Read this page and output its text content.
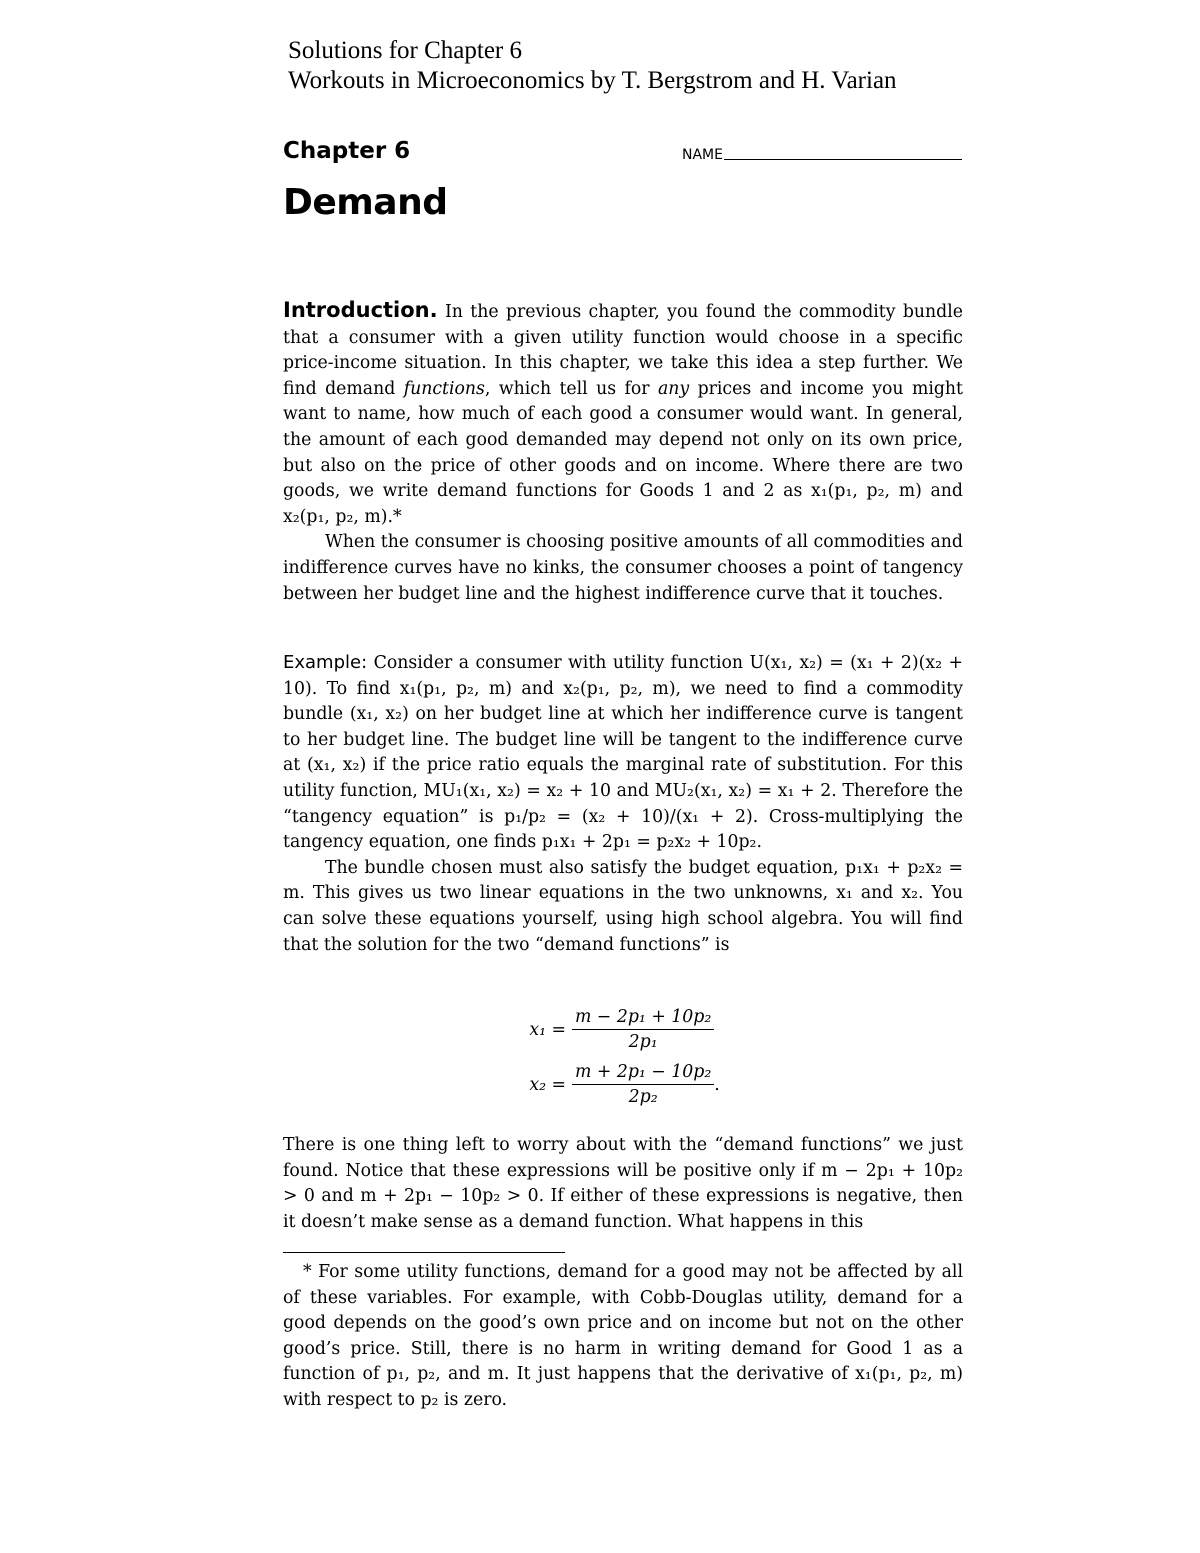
Solutions for Chapter 6
Workouts in Microeconomics by T. Bergstrom and H. Varian
Chapter 6	NAME
Demand

Introduction. In the previous chapter, you found the commodity bundle that a consumer with a given utility function would choose in a specific price-income situation. In this chapter, we take this idea a step further. We find demand functions, which tell us for any prices and income you might want to name, how much of each good a consumer would want. In general, the amount of each good demanded may depend not only on its own price, but also on the price of other goods and on income. Where there are two goods, we write demand functions for Goods 1 and 2 as x₁(p₁, p₂, m) and x₂(p₁, p₂, m).*

When the consumer is choosing positive amounts of all commodities and indifference curves have no kinks, the consumer chooses a point of tangency between her budget line and the highest indifference curve that it touches.

Example: Consider a consumer with utility function U(x₁, x₂) = (x₁ + 2)(x₂ + 10). To find x₁(p₁, p₂, m) and x₂(p₁, p₂, m), we need to find a commodity bundle (x₁, x₂) on her budget line at which her indifference curve is tangent to her budget line. The budget line will be tangent to the indifference curve at (x₁, x₂) if the price ratio equals the marginal rate of substitution. For this utility function, MU₁(x₁, x₂) = x₂ + 10 and MU₂(x₁, x₂) = x₁ + 2. Therefore the “tangency equation” is p₁/p₂ = (x₂ + 10)/(x₁ + 2). Cross-multiplying the tangency equation, one finds p₁x₁ + 2p₁ = p₂x₂ + 10p₂.

The bundle chosen must also satisfy the budget equation, p₁x₁ + p₂x₂ = m. This gives us two linear equations in the two unknowns, x₁ and x₂. You can solve these equations yourself, using high school algebra. You will find that the solution for the two “demand functions” is

$x_1 = \frac{\text{m − 2p₁ + 10p₂}}{\text{2p₁}}$
$x_2 = \frac{\text{m + 2p₁ − 10p₂}}{\text{2p₂}}$ .

There is one thing left to worry about with the “demand functions” we just found. Notice that these expressions will be positive only if m − 2p₁ + 10p₂ > 0 and m + 2p₁ − 10p₂ > 0. If either of these expressions is negative, then it doesn’t make sense as a demand function. What happens in this

* For some utility functions, demand for a good may not be affected by all of these variables. For example, with Cobb-Douglas utility, demand for a good depends on the good’s own price and on income but not on the other good’s price. Still, there is no harm in writing demand for Good 1 as a function of p₁, p₂, and m. It just happens that the derivative of x₁(p₁, p₂, m) with respect to p₂ is zero.
